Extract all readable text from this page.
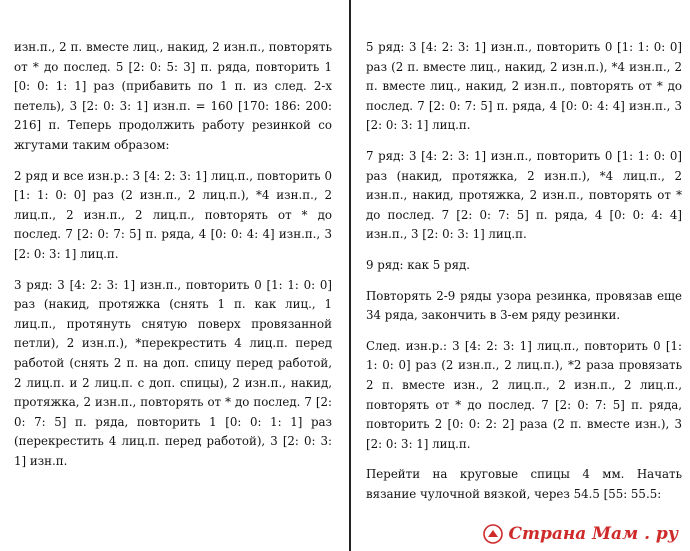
изн.п., 2 п. вместе лиц., накид, 2 изн.п., повторять от * до послед. 5 [2: 0: 5: 3] п. ряда, повторить 1 [0: 0: 1: 1] раз (прибавить по 1 п. из след. 2-х петель), 3 [2: 0: 3: 1] изн.п. = 160 [170: 186: 200: 216] п. Теперь продолжить работу резинкой со жгутами таким образом:

2 ряд и все изн.р.: 3 [4: 2: 3: 1] лиц.п., повторить 0 [1: 1: 0: 0] раз (2 изн.п., 2 лиц.п.), *4 изн.п., 2 лиц.п., 2 изн.п., 2 лиц.п., повторять от * до послед. 7 [2: 0: 7: 5] п. ряда, 4 [0: 0: 4: 4] изн.п., 3 [2: 0: 3: 1] лиц.п.

3 ряд: 3 [4: 2: 3: 1] изн.п., повторить 0 [1: 1: 0: 0] раз (накид, протяжка (снять 1 п. как лиц., 1 лиц.п., протянуть снятую поверх провязанной петли), 2 изн.п.), *перекрестить 4 лиц.п. перед работой (снять 2 п. на доп. спицу перед работой, 2 лиц.п. и 2 лиц.п. с доп. спицы), 2 изн.п., накид, протяжка, 2 изн.п., повторять от * до послед. 7 [2: 0: 7: 5] п. ряда, повторить 1 [0: 0: 1: 1] раз (перекрестить 4 лиц.п. перед работой), 3 [2: 0: 3: 1] изн.п.

5 ряд: 3 [4: 2: 3: 1] изн.п., повторить 0 [1: 1: 0: 0] раз (2 п. вместе лиц., накид, 2 изн.п.), *4 изн.п., 2 п. вместе лиц., накид, 2 изн.п., повторять от * до послед. 7 [2: 0: 7: 5] п. ряда, 4 [0: 0: 4: 4] изн.п., 3 [2: 0: 3: 1] лиц.п.

7 ряд: 3 [4: 2: 3: 1] изн.п., повторить 0 [1: 1: 0: 0] раз (накид, протяжка, 2 изн.п.), *4 лиц.п., 2 изн.п., накид, протяжка, 2 изн.п., повторять от * до послед. 7 [2: 0: 7: 5] п. ряда, 4 [0: 0: 4: 4] изн.п., 3 [2: 0: 3: 1] лиц.п.

9 ряд: как 5 ряд.

Повторять 2-9 ряды узора резинка, провязав еще 34 ряда, закончить в 3-ем ряду резинки.

След. изн.р.: 3 [4: 2: 3: 1] лиц.п., повторить 0 [1: 1: 0: 0] раз (2 изн.п., 2 лиц.п.), *2 раза провязать 2 п. вместе изн., 2 лиц.п., 2 изн.п., 2 лиц.п., повторять от * до послед. 7 [2: 0: 7: 5] п. ряда, повторить 2 [0: 0: 2: 2] раза (2 п. вместе изн.), 3 [2: 0: 3: 1] лиц.п.

Перейти на круговые спицы 4 мм. Начать вязание чулочной вязкой, через 54.5 [55: 55.5:

Страна Мам . ру
